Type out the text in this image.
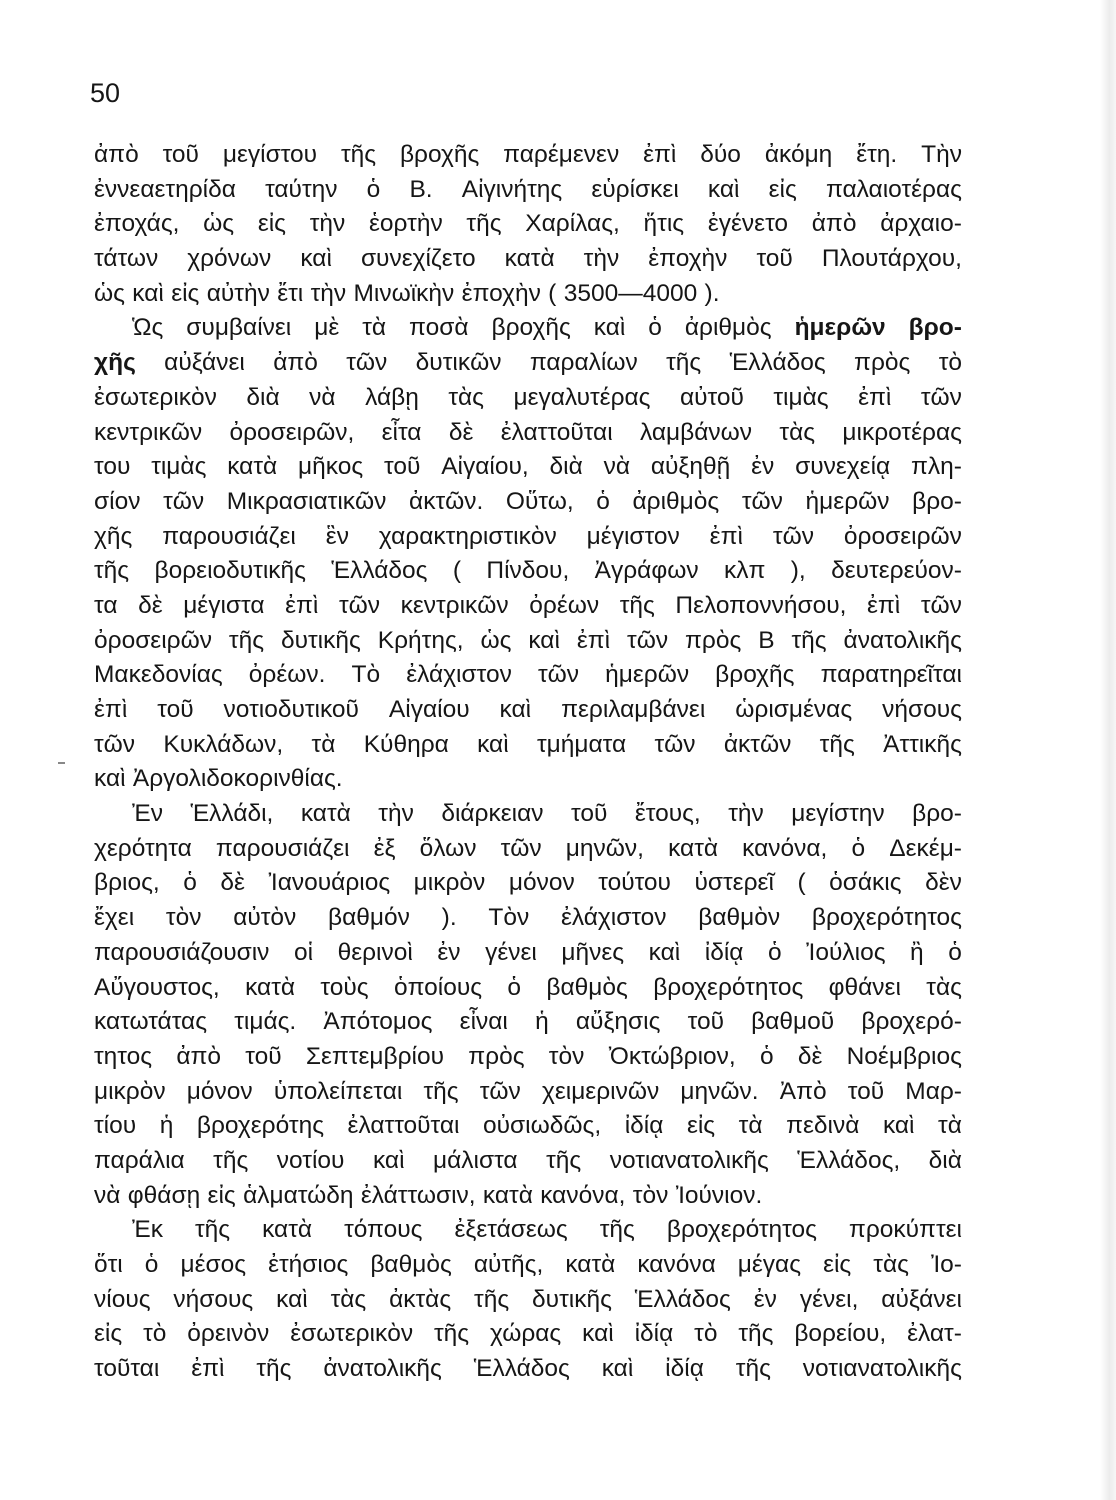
50
ἀπὸ τοῦ μεγίστου τῆς βροχῆς παρέμενεν ἐπὶ δύο ἀκόμη ἔτη. Τὴν
ἐννεαετηρίδα ταύτην ὁ Β. Αἰγινήτης εὑρίσκει καὶ εἰς παλαιοτέρας
ἐποχάς, ὡς εἰς τὴν ἑορτὴν τῆς Χαρίλας, ἥτις ἐγένετο ἀπὸ ἀρχαιο-
τάτων χρόνων καὶ συνεχίζετο κατὰ τὴν ἐποχὴν τοῦ Πλουτάρχου,
ὡς καὶ εἰς αὐτὴν ἔτι τὴν Μινωϊκὴν ἐποχὴν ( 3500—4000 ).
Ὡς συμβαίνει μὲ τὰ ποσὰ βροχῆς καὶ ὁ ἀριθμὸς ἡμερῶν βρο-
χῆς αὐξάνει ἀπὸ τῶν δυτικῶν παραλίων τῆς Ἑλλάδος πρὸς τὸ
ἐσωτερικὸν διὰ νὰ λάβῃ τὰς μεγαλυτέρας αὐτοῦ τιμὰς ἐπὶ τῶν
κεντρικῶν ὀροσειρῶν, εἶτα δὲ ἐλαττοῦται λαμβάνων τὰς μικροτέρας
του τιμὰς κατὰ μῆκος τοῦ Αἰγαίου, διὰ νὰ αὐξηθῇ ἐν συνεχείᾳ πλη-
σίον τῶν Μικρασιατικῶν ἀκτῶν. Οὕτω, ὁ ἀριθμὸς τῶν ἡμερῶν βρο-
χῆς παρουσιάζει ἓν χαρακτηριστικὸν μέγιστον ἐπὶ τῶν ὀροσειρῶν
τῆς βορειοδυτικῆς Ἑλλάδος ( Πίνδου, Ἀγράφων κλπ ), δευτερεύον-
τα δὲ μέγιστα ἐπὶ τῶν κεντρικῶν ὀρέων τῆς Πελοποννήσου, ἐπὶ τῶν
ὀροσειρῶν τῆς δυτικῆς Κρήτης, ὡς καὶ ἐπὶ τῶν πρὸς Β τῆς ἀνατολικῆς
Μακεδονίας ὀρέων. Τὸ ἐλάχιστον τῶν ἡμερῶν βροχῆς παρατηρεῖται
ἐπὶ τοῦ νοτιοδυτικοῦ Αἰγαίου καὶ περιλαμβάνει ὡρισμένας νήσους
τῶν Κυκλάδων, τὰ Κύθηρα καὶ τμήματα τῶν ἀκτῶν τῆς Ἀττικῆς
καὶ Ἀργολιδοκορινθίας.
Ἐν Ἑλλάδι, κατὰ τὴν διάρκειαν τοῦ ἔτους, τὴν μεγίστην βρο-
χερότητα παρουσιάζει ἐξ ὅλων τῶν μηνῶν, κατὰ κανόνα, ὁ Δεκέμ-
βριος, ὁ δὲ Ἰανουάριος μικρὸν μόνον τούτου ὑστερεῖ ( ὁσάκις δὲν
ἔχει τὸν αὐτὸν βαθμόν ). Τὸν ἐλάχιστον βαθμὸν βροχερότητος
παρουσιάζουσιν οἱ θερινοὶ ἐν γένει μῆνες καὶ ἰδίᾳ ὁ Ἰούλιος ἢ ὁ
Αὔγουστος, κατὰ τοὺς ὁποίους ὁ βαθμὸς βροχερότητος φθάνει τὰς
κατωτάτας τιμάς. Ἀπότομος εἶναι ἡ αὔξησις τοῦ βαθμοῦ βροχερό-
τητος ἀπὸ τοῦ Σεπτεμβρίου πρὸς τὸν Ὀκτώβριον, ὁ δὲ Νοέμβριος
μικρὸν μόνον ὑπολείπεται τῆς τῶν χειμερινῶν μηνῶν. Ἀπὸ τοῦ Μαρ-
τίου ἡ βροχερότης ἐλαττοῦται οὐσιωδῶς, ἰδίᾳ εἰς τὰ πεδινὰ καὶ τὰ
παράλια τῆς νοτίου καὶ μάλιστα τῆς νοτιανατολικῆς Ἑλλάδος, διὰ
νὰ φθάσῃ εἰς ἁλματώδη ἐλάττωσιν, κατὰ κανόνα, τὸν Ἰούνιον.
Ἐκ τῆς κατὰ τόπους ἐξετάσεως τῆς βροχερότητος προκύπτει
ὅτι ὁ μέσος ἐτήσιος βαθμὸς αὐτῆς, κατὰ κανόνα μέγας εἰς τὰς Ἰο-
νίους νήσους καὶ τὰς ἀκτὰς τῆς δυτικῆς Ἑλλάδος ἐν γένει, αὐξάνει
εἰς τὸ ὀρεινὸν ἐσωτερικὸν τῆς χώρας καὶ ἰδίᾳ τὸ τῆς βορείου, ἐλατ-
τοῦται ἐπὶ τῆς ἀνατολικῆς Ἑλλάδος καὶ ἰδίᾳ τῆς νοτιανατολικῆς
